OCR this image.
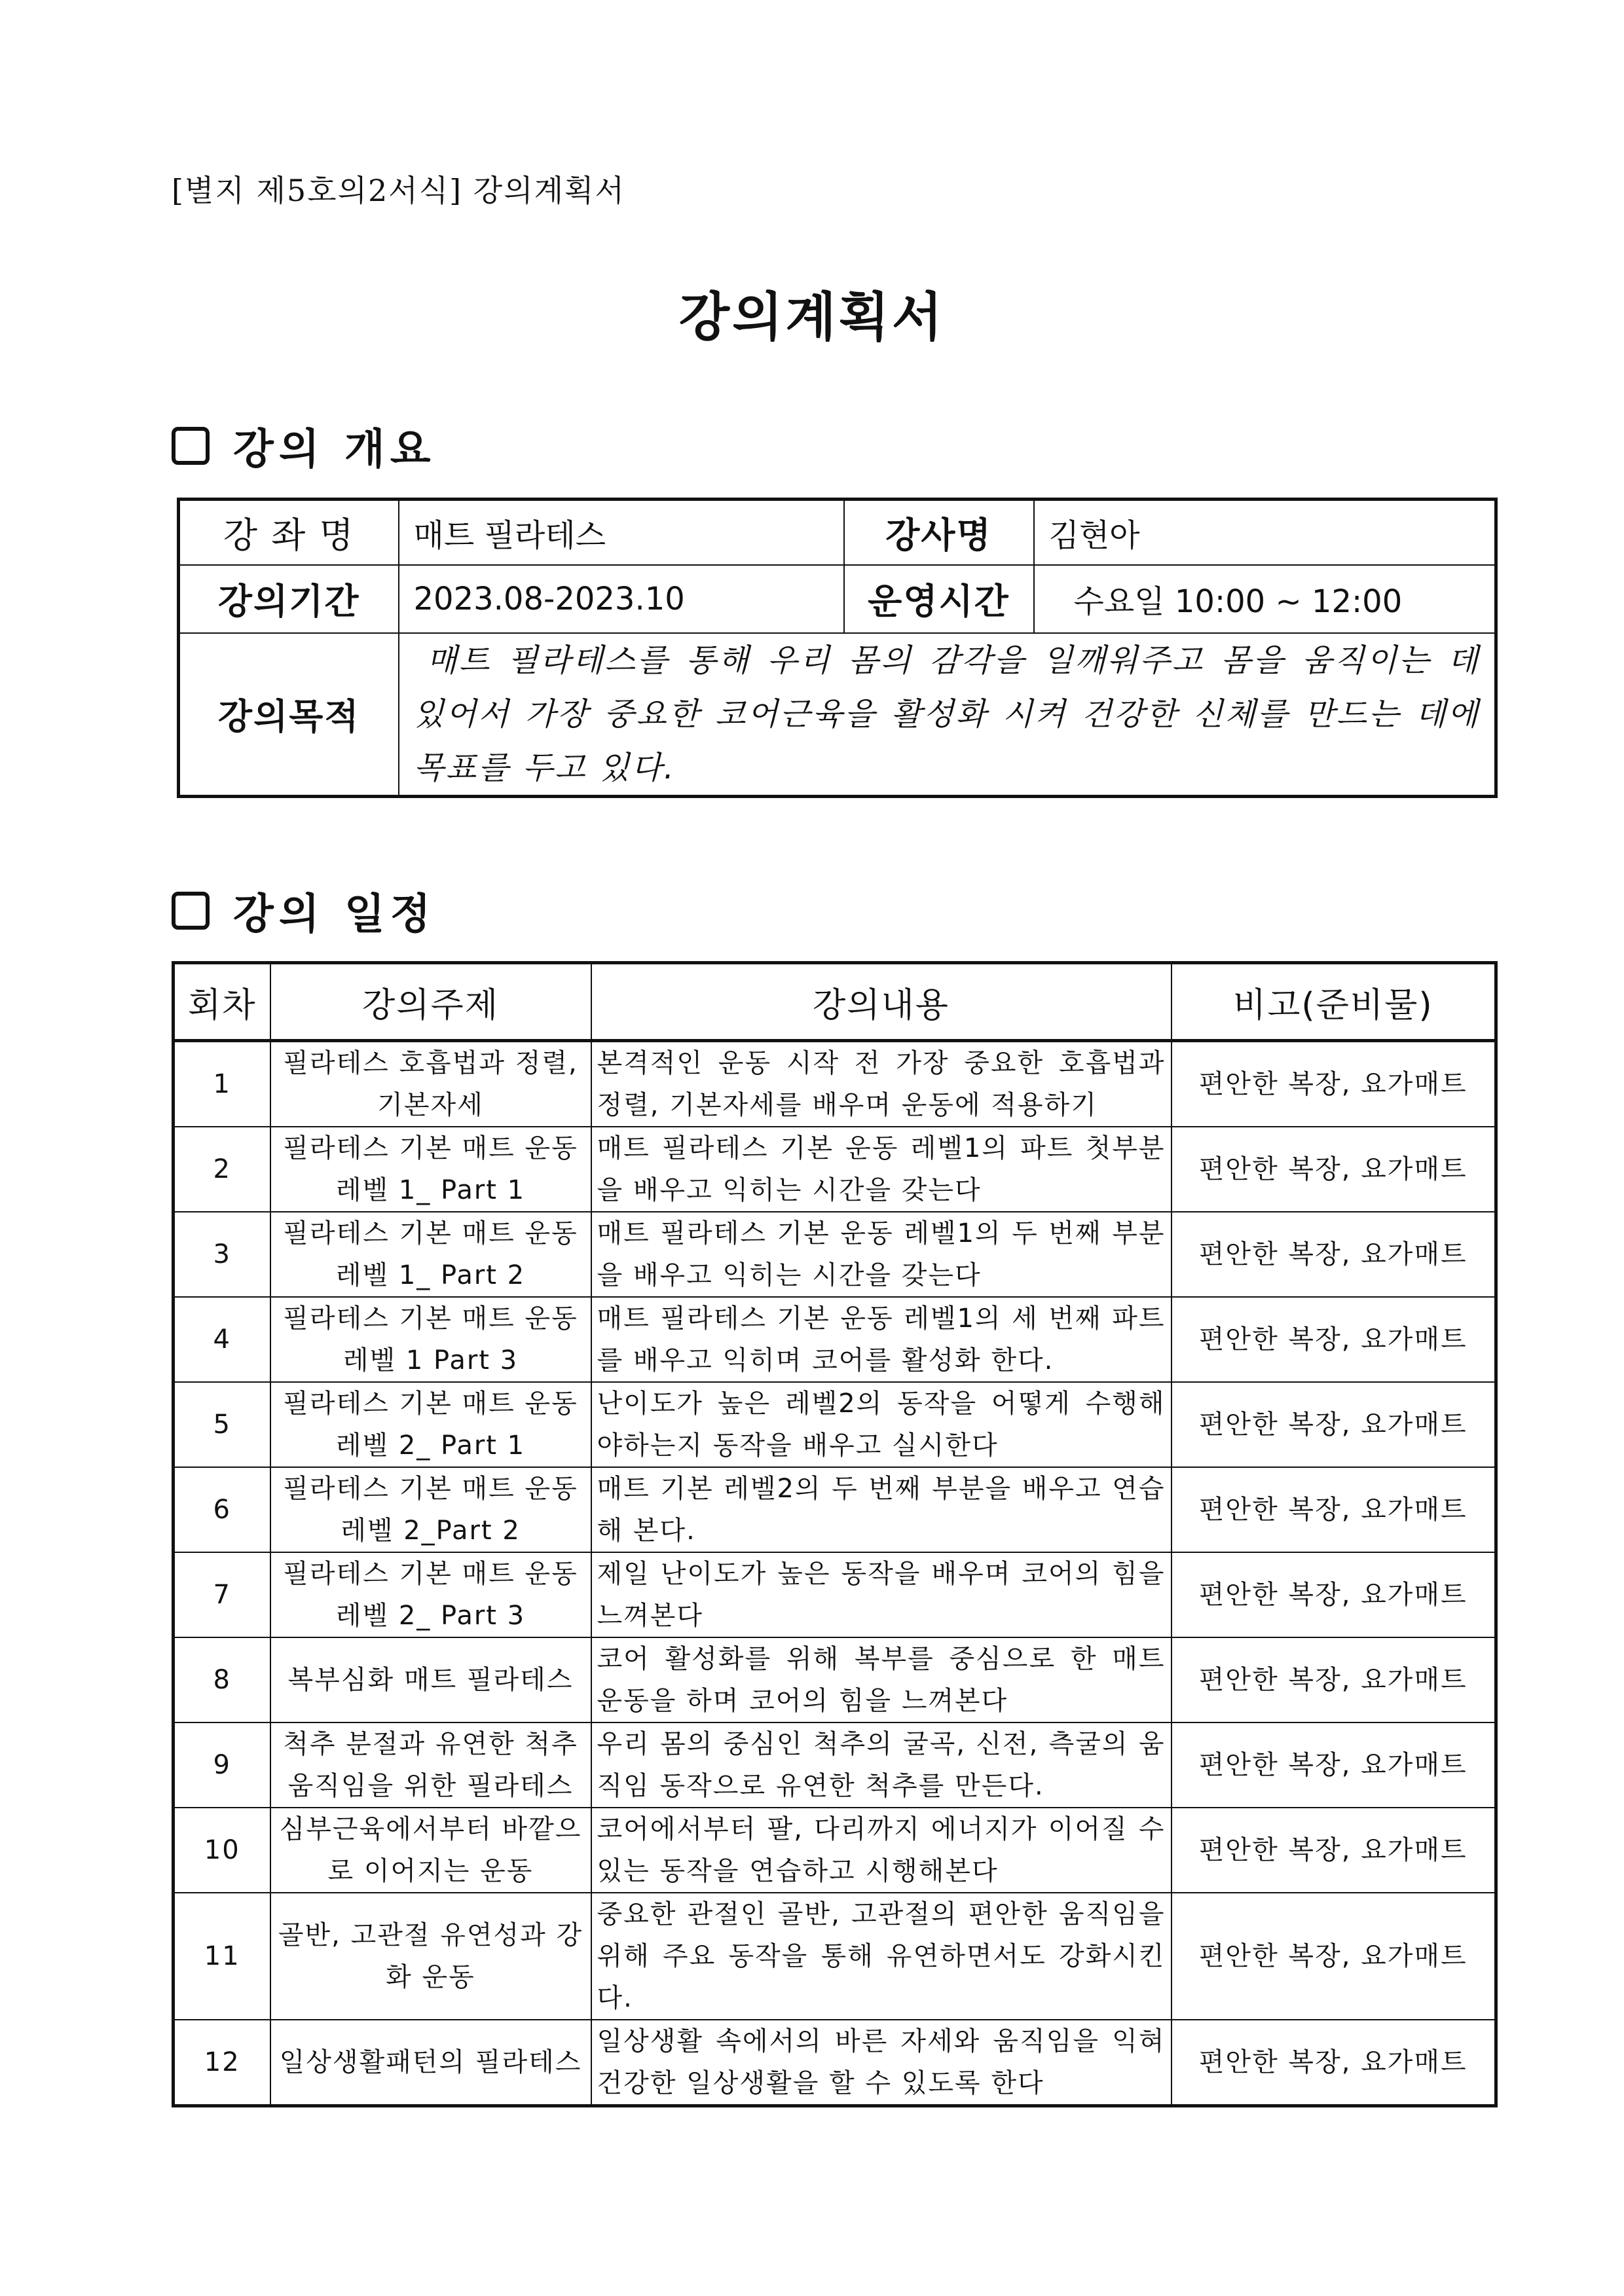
[별지 제5호의2서식] 강의계획서
강의계획서
강의 개요
강 좌 명	매트 필라테스	강사명	김현아
강의기간	2023.08-2023.10	운영시간	수요일 10:00 ~ 12:00
강의목적	매트 필라테스를 통해 우리 몸의 감각을 일깨워주고 몸을 움직이는 데 있어서 가장 중요한 코어근육을 활성화 시켜 건강한 신체를 만드는 데에 목표를 두고 있다.		
강의 일정
회차	강의주제	강의내용	비고(준비물)
1	필라테스 호흡법과 정렬, 기본자세	본격적인 운동 시작 전 가장 중요한 호흡법과 정렬, 기본자세를 배우며 운동에 적용하기	편안한 복장, 요가매트
2	필라테스 기본 매트 운동 레벨 1_ Part 1	매트 필라테스 기본 운동 레벨1의 파트 첫부분을 배우고 익히는 시간을 갖는다	편안한 복장, 요가매트
3	필라테스 기본 매트 운동 레벨 1_ Part 2	매트 필라테스 기본 운동 레벨1의 두 번째 부분을 배우고 익히는 시간을 갖는다	편안한 복장, 요가매트
4	필라테스 기본 매트 운동 레벨 1 Part 3	매트 필라테스 기본 운동 레벨1의 세 번째 파트를 배우고 익히며 코어를 활성화 한다.	편안한 복장, 요가매트
5	필라테스 기본 매트 운동 레벨 2_ Part 1	난이도가 높은 레벨2의 동작을 어떻게 수행해야하는지 동작을 배우고 실시한다	편안한 복장, 요가매트
6	필라테스 기본 매트 운동 레벨 2_Part 2	매트 기본 레벨2의 두 번째 부분을 배우고 연습해 본다.	편안한 복장, 요가매트
7	필라테스 기본 매트 운동 레벨 2_ Part 3	제일 난이도가 높은 동작을 배우며 코어의 힘을 느껴본다	편안한 복장, 요가매트
8	복부심화 매트 필라테스	코어 활성화를 위해 복부를 중심으로 한 매트 운동을 하며 코어의 힘을 느껴본다	편안한 복장, 요가매트
9	척추 분절과 유연한 척추 움직임을 위한 필라테스	우리 몸의 중심인 척추의 굴곡, 신전, 측굴의 움직임 동작으로 유연한 척추를 만든다.	편안한 복장, 요가매트
10	심부근육에서부터 바깥으로 이어지는 운동	코어에서부터 팔, 다리까지 에너지가 이어질 수 있는 동작을 연습하고 시행해본다	편안한 복장, 요가매트
11	골반, 고관절 유연성과 강화 운동	중요한 관절인 골반, 고관절의 편안한 움직임을 위해 주요 동작을 통해 유연하면서도 강화시킨다.	편안한 복장, 요가매트
12	일상생활패턴의 필라테스	일상생활 속에서의 바른 자세와 움직임을 익혀 건강한 일상생활을 할 수 있도록 한다	편안한 복장, 요가매트
